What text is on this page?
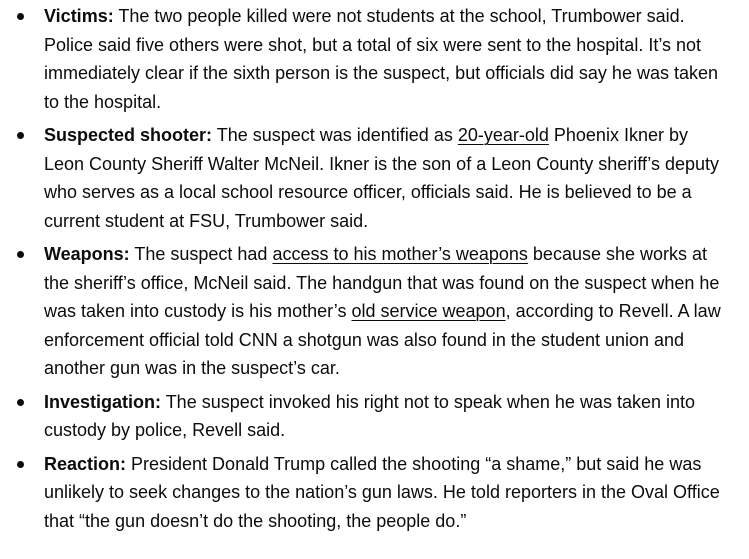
Victims: The two people killed were not students at the school, Trumbower said. Police said five others were shot, but a total of six were sent to the hospital. It’s not immediately clear if the sixth person is the suspect, but officials did say he was taken to the hospital.
Suspected shooter: The suspect was identified as 20-year-old Phoenix Ikner by Leon County Sheriff Walter McNeil. Ikner is the son of a Leon County sheriff’s deputy who serves as a local school resource officer, officials said. He is believed to be a current student at FSU, Trumbower said.
Weapons: The suspect had access to his mother’s weapons because she works at the sheriff’s office, McNeil said. The handgun that was found on the suspect when he was taken into custody is his mother’s old service weapon, according to Revell. A law enforcement official told CNN a shotgun was also found in the student union and another gun was in the suspect’s car.
Investigation: The suspect invoked his right not to speak when he was taken into custody by police, Revell said.
Reaction: President Donald Trump called the shooting “a shame,” but said he was unlikely to seek changes to the nation’s gun laws. He told reporters in the Oval Office that “the gun doesn’t do the shooting, the people do.”
